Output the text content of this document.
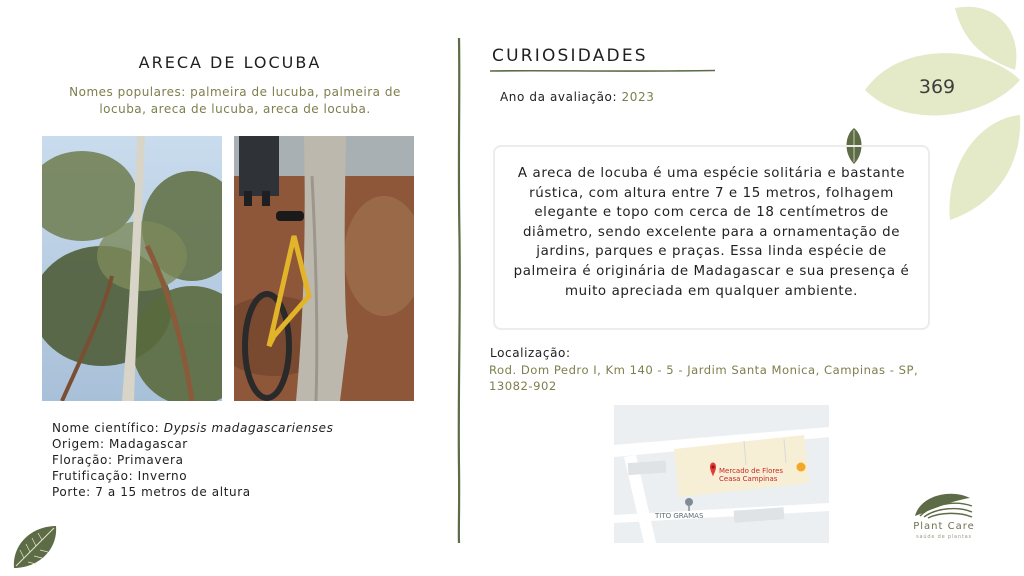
369
ARECA DE LOCUBA
Nomes populares: palmeira de lucuba, palmeira de locuba, areca de lucuba, areca de locuba.
Nome científico: Dypsis madagascarienses
Origem: Madagascar
Floração: Primavera
Frutificação: Inverno
Porte: 7 a 15 metros de altura
CURIOSIDADES
Ano da avaliação: 2023
A areca de locuba é uma espécie solitária e bastante rústica, com altura entre 7 e 15 metros, folhagem elegante e topo com cerca de 18 centímetros de diâmetro, sendo excelente para a ornamentação de jardins, parques e praças. Essa linda espécie de palmeira é originária de Madagascar e sua presença é muito apreciada em qualquer ambiente.
Localização:
Rod. Dom Pedro I, Km 140 - 5 - Jardim Santa Monica, Campinas - SP, 13082-902
Mercado de Flores
Ceasa Campinas
TITO GRAMAS
Plant Care
saúde de plantas
